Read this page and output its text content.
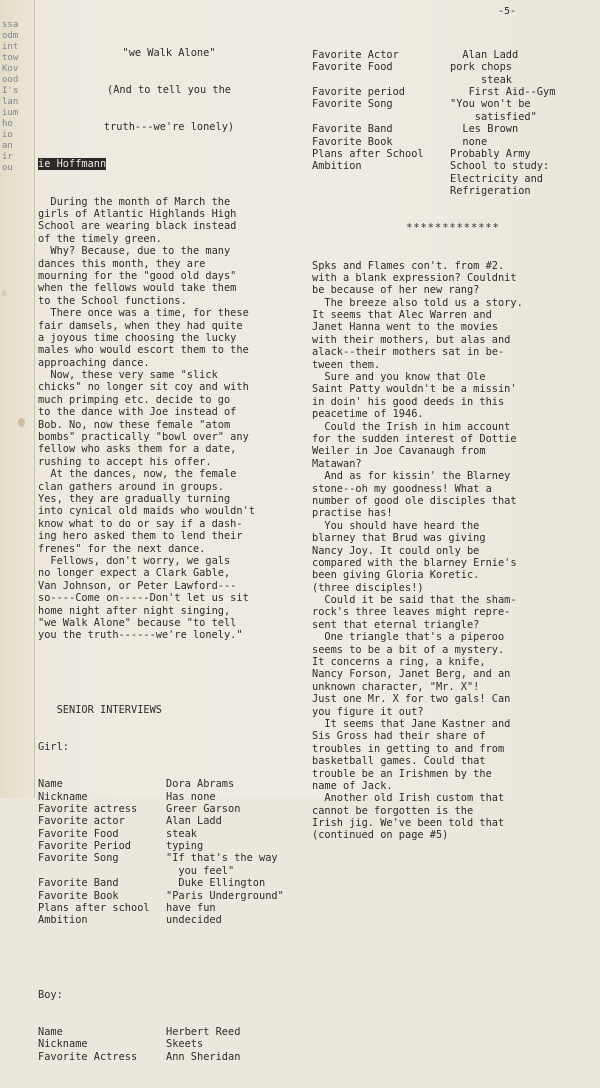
ssa
odm
int
tow
Kov
ood
I's
lan
ium
ho
io
an
ir
ou
-5-

"we Walk Alone"

(And to tell you the

truth---we're lonely)

ie Hoffmann

During the month of March the
girls of Atlantic Highlands High
School are wearing black instead
of the timely green.
Why? Because, due to the many
dances this month, they are
mourning for the "good old days"
when the fellows would take them
to the School functions.
There once was a time, for these
fair damsels, when they had quite
a joyous time choosing the lucky
males who would escort them to the
approaching dance.
Now, these very same "slick
chicks" no longer sit coy and with
much primping etc. decide to go
to the dance with Joe instead of
Bob. No, now these female "atom
bombs" practically "bowl over" any
fellow who asks them for a date,
rushing to accept his offer.
At the dances, now, the female
clan gathers around in groups.
Yes, they are gradually turning
into cynical old maids who wouldn't
know what to do or say if a dash-
ing hero asked them to lend their
frenes" for the next dance.
Fellows, don't worry, we gals
no longer expect a Clark Gable,
Van Johnson, or Peter Lawford---
so----Come on-----Don't let us sit
home night after night singing,
"we Walk Alone" because "to tell
you the truth------we're lonely."

SENIOR INTERVIEWS

Girl:

Name	Dora Abrams
Nickname	Has none
Favorite actress	Greer Garson
Favorite actor	Alan Ladd
Favorite Food	steak
Favorite Period	typing
Favorite Song	"If that's the way
you feel"
Favorite Band	Duke Ellington
Favorite Book	"Paris Underground"
Plans after school	have fun
Ambition	undecided

Boy:

Name	Herbert Reed
Nickname	Skeets
Favorite Actress	Ann Sheridan

Favorite Actor	Alan Ladd
Favorite Food	pork chops
steak
Favorite period	First Aid--Gym
Favorite Song	"You won't be
satisfied"
Favorite Band	Les Brown
Favorite Book	none
Plans after School	Probably Army
Ambition	School to study:
Electricity and
Refrigeration

*************

Spks and Flames con't. from #2.
with a blank expression? Couldnit
be because of her new rang?
The breeze also told us a story.
It seems that Alec Warren and
Janet Hanna went to the movies
with their mothers, but alas and
alack--their mothers sat in be-
tween them.
Sure and you know that Ole
Saint Patty wouldn't be a missin'
in doin' his good deeds in this
peacetime of 1946.
Could the Irish in him account
for the sudden interest of Dottie
Weiler in Joe Cavanaugh from
Matawan?
And as for kissin' the Blarney
stone--oh my goodness! What a
number of good ole disciples that
practise has!
You should have heard the
blarney that Brud was giving
Nancy Joy. It could only be
compared with the blarney Ernie's
been giving Gloria Koretic.
(three disciples!)
Could it be said that the sham-
rock's three leaves might repre-
sent that eternal triangle?
One triangle that's a piperoo
seems to be a bit of a mystery.
It concerns a ring, a knife,
Nancy Forson, Janet Berg, and an
unknown character, "Mr. X"!
Just one Mr. X for two gals! Can
you figure it out?
It seems that Jane Kastner and
Sis Gross had their share of
troubles in getting to and from
basketball games. Could that
trouble be an Irishmen by the
name of Jack.
Another old Irish custom that
cannot be forgotten is the
Irish jig. We've been told that
(continued on page #5)
